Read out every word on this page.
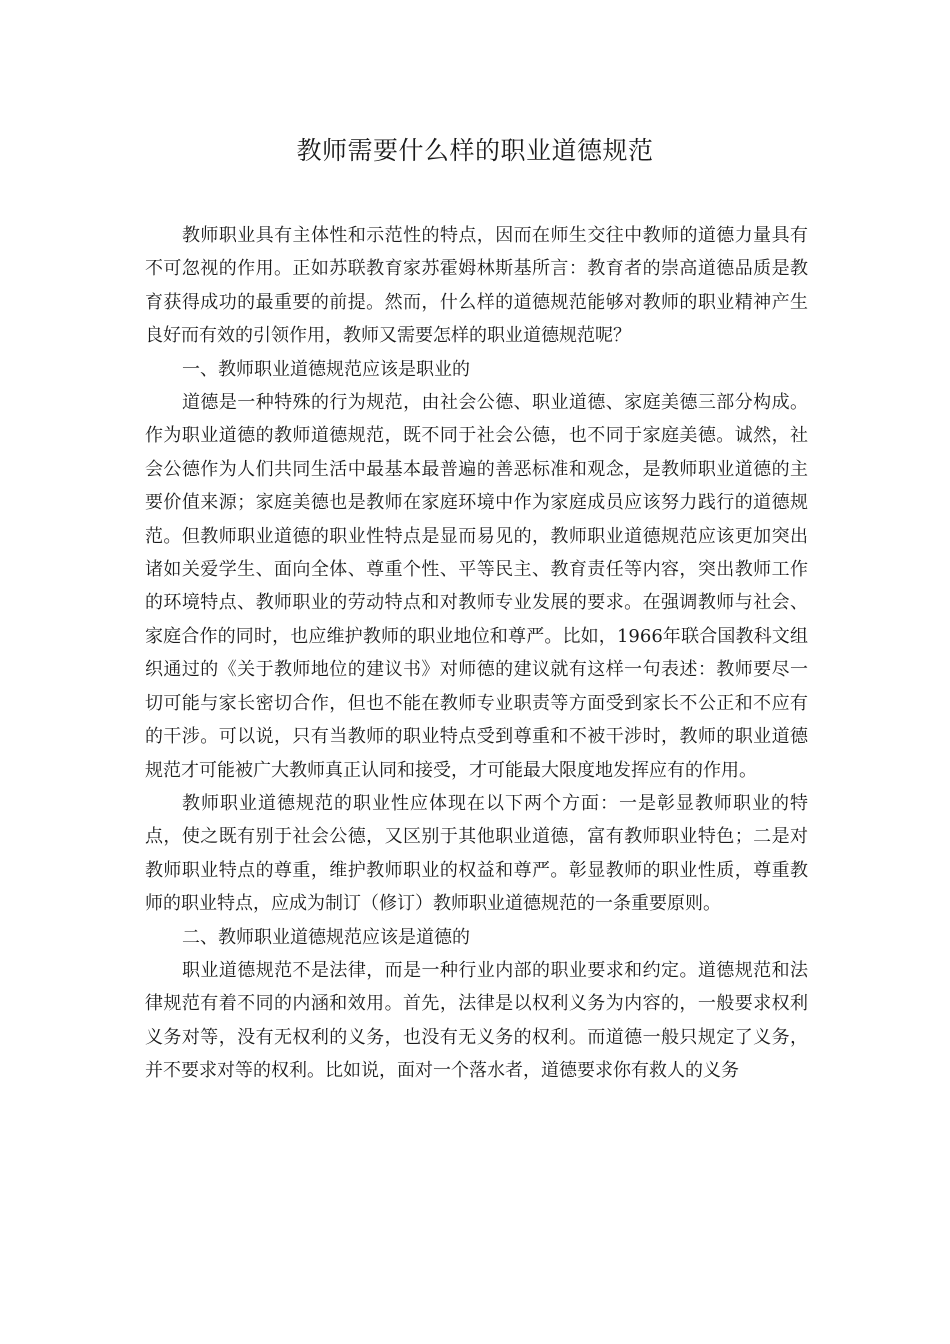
教师需要什么样的职业道德规范

教师职业具有主体性和示范性的特点，因而在师生交往中教师的道德力量具有不可忽视的作用。正如苏联教育家苏霍姆林斯基所言：教育者的崇高道德品质是教育获得成功的最重要的前提。然而，什么样的道德规范能够对教师的职业精神产生良好而有效的引领作用，教师又需要怎样的职业道德规范呢？

一、教师职业道德规范应该是职业的

道德是一种特殊的行为规范，由社会公德、职业道德、家庭美德三部分构成。作为职业道德的教师道德规范，既不同于社会公德，也不同于家庭美德。诚然，社会公德作为人们共同生活中最基本最普遍的善恶标准和观念，是教师职业道德的主要价值来源；家庭美德也是教师在家庭环境中作为家庭成员应该努力践行的道德规范。但教师职业道德的职业性特点是显而易见的，教师职业道德规范应该更加突出诸如关爱学生、面向全体、尊重个性、平等民主、教育责任等内容，突出教师工作的环境特点、教师职业的劳动特点和对教师专业发展的要求。在强调教师与社会、家庭合作的同时，也应维护教师的职业地位和尊严。比如，1966年联合国教科文组织通过的《关于教师地位的建议书》对师德的建议就有这样一句表述：教师要尽一切可能与家长密切合作，但也不能在教师专业职责等方面受到家长不公正和不应有的干涉。可以说，只有当教师的职业特点受到尊重和不被干涉时，教师的职业道德规范才可能被广大教师真正认同和接受，才可能最大限度地发挥应有的作用。

教师职业道德规范的职业性应体现在以下两个方面：一是彰显教师职业的特点，使之既有别于社会公德，又区别于其他职业道德，富有教师职业特色；二是对教师职业特点的尊重，维护教师职业的权益和尊严。彰显教师的职业性质，尊重教师的职业特点，应成为制订（修订）教师职业道德规范的一条重要原则。

二、教师职业道德规范应该是道德的

职业道德规范不是法律，而是一种行业内部的职业要求和约定。道德规范和法律规范有着不同的内涵和效用。首先，法律是以权利义务为内容的，一般要求权利义务对等，没有无权利的义务，也没有无义务的权利。而道德一般只规定了义务，并不要求对等的权利。比如说，面对一个落水者，道德要求你有救人的义务
